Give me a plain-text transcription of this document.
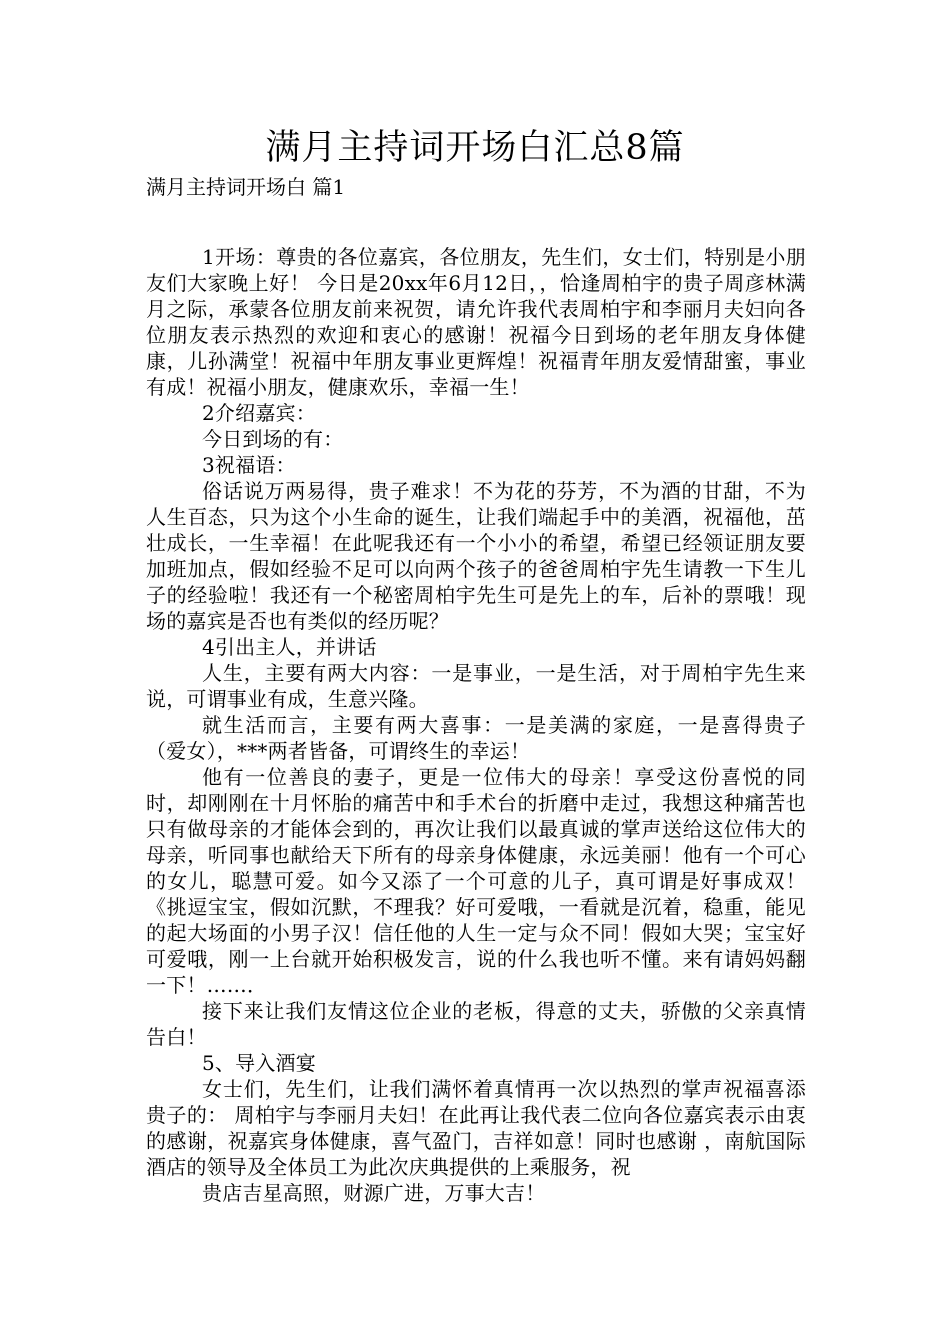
满月主持词开场白汇总8篇
满月主持词开场白 篇1

1开场：尊贵的各位嘉宾，各位朋友，先生们，女士们，特别是小朋友们大家晚上好！ 今日是20xx年6月12日，，恰逢周柏宇的贵子周彦林满月之际，承蒙各位朋友前来祝贺，请允许我代表周柏宇和李丽月夫妇向各位朋友表示热烈的欢迎和衷心的感谢！祝福今日到场的老年朋友身体健康，儿孙满堂！祝福中年朋友事业更辉煌！祝福青年朋友爱情甜蜜，事业有成！祝福小朋友，健康欢乐，幸福一生！

2介绍嘉宾：

今日到场的有：

3祝福语：

俗话说万两易得，贵子难求！不为花的芬芳，不为酒的甘甜，不为人生百态，只为这个小生命的诞生，让我们端起手中的美酒，祝福他，茁壮成长，一生幸福！在此呢我还有一个小小的希望，希望已经领证朋友要加班加点，假如经验不足可以向两个孩子的爸爸周柏宇先生请教一下生儿子的经验啦！我还有一个秘密周柏宇先生可是先上的车，后补的票哦！现场的嘉宾是否也有类似的经历呢？

4引出主人，并讲话

人生，主要有两大内容：一是事业，一是生活，对于周柏宇先生来说，可谓事业有成，生意兴隆。

就生活而言，主要有两大喜事：一是美满的家庭，一是喜得贵子（爱女），***两者皆备，可谓终生的幸运！

他有一位善良的妻子，更是一位伟大的母亲！享受这份喜悦的同时，却刚刚在十月怀胎的痛苦中和手术台的折磨中走过，我想这种痛苦也只有做母亲的才能体会到的，再次让我们以最真诚的掌声送给这位伟大的母亲，听同事也献给天下所有的母亲身体健康，永远美丽！他有一个可心的女儿，聪慧可爱。如今又添了一个可意的儿子，真可谓是好事成双！《挑逗宝宝，假如沉默，不理我？好可爱哦，一看就是沉着，稳重，能见的起大场面的小男子汉！信任他的人生一定与众不同！假如大哭；宝宝好可爱哦，刚一上台就开始积极发言，说的什么我也听不懂。来有请妈妈翻一下！……．

接下来让我们友情这位企业的老板，得意的丈夫，骄傲的父亲真情告白！

5、导入酒宴

女士们，先生们，让我们满怀着真情再一次以热烈的掌声祝福喜添贵子的： 周柏宇与李丽月夫妇！在此再让我代表二位向各位嘉宾表示由衷的感谢，祝嘉宾身体健康，喜气盈门，吉祥如意！同时也感谢 ，南航国际酒店的领导及全体员工为此次庆典提供的上乘服务，祝

贵店吉星高照，财源广进，万事大吉！
